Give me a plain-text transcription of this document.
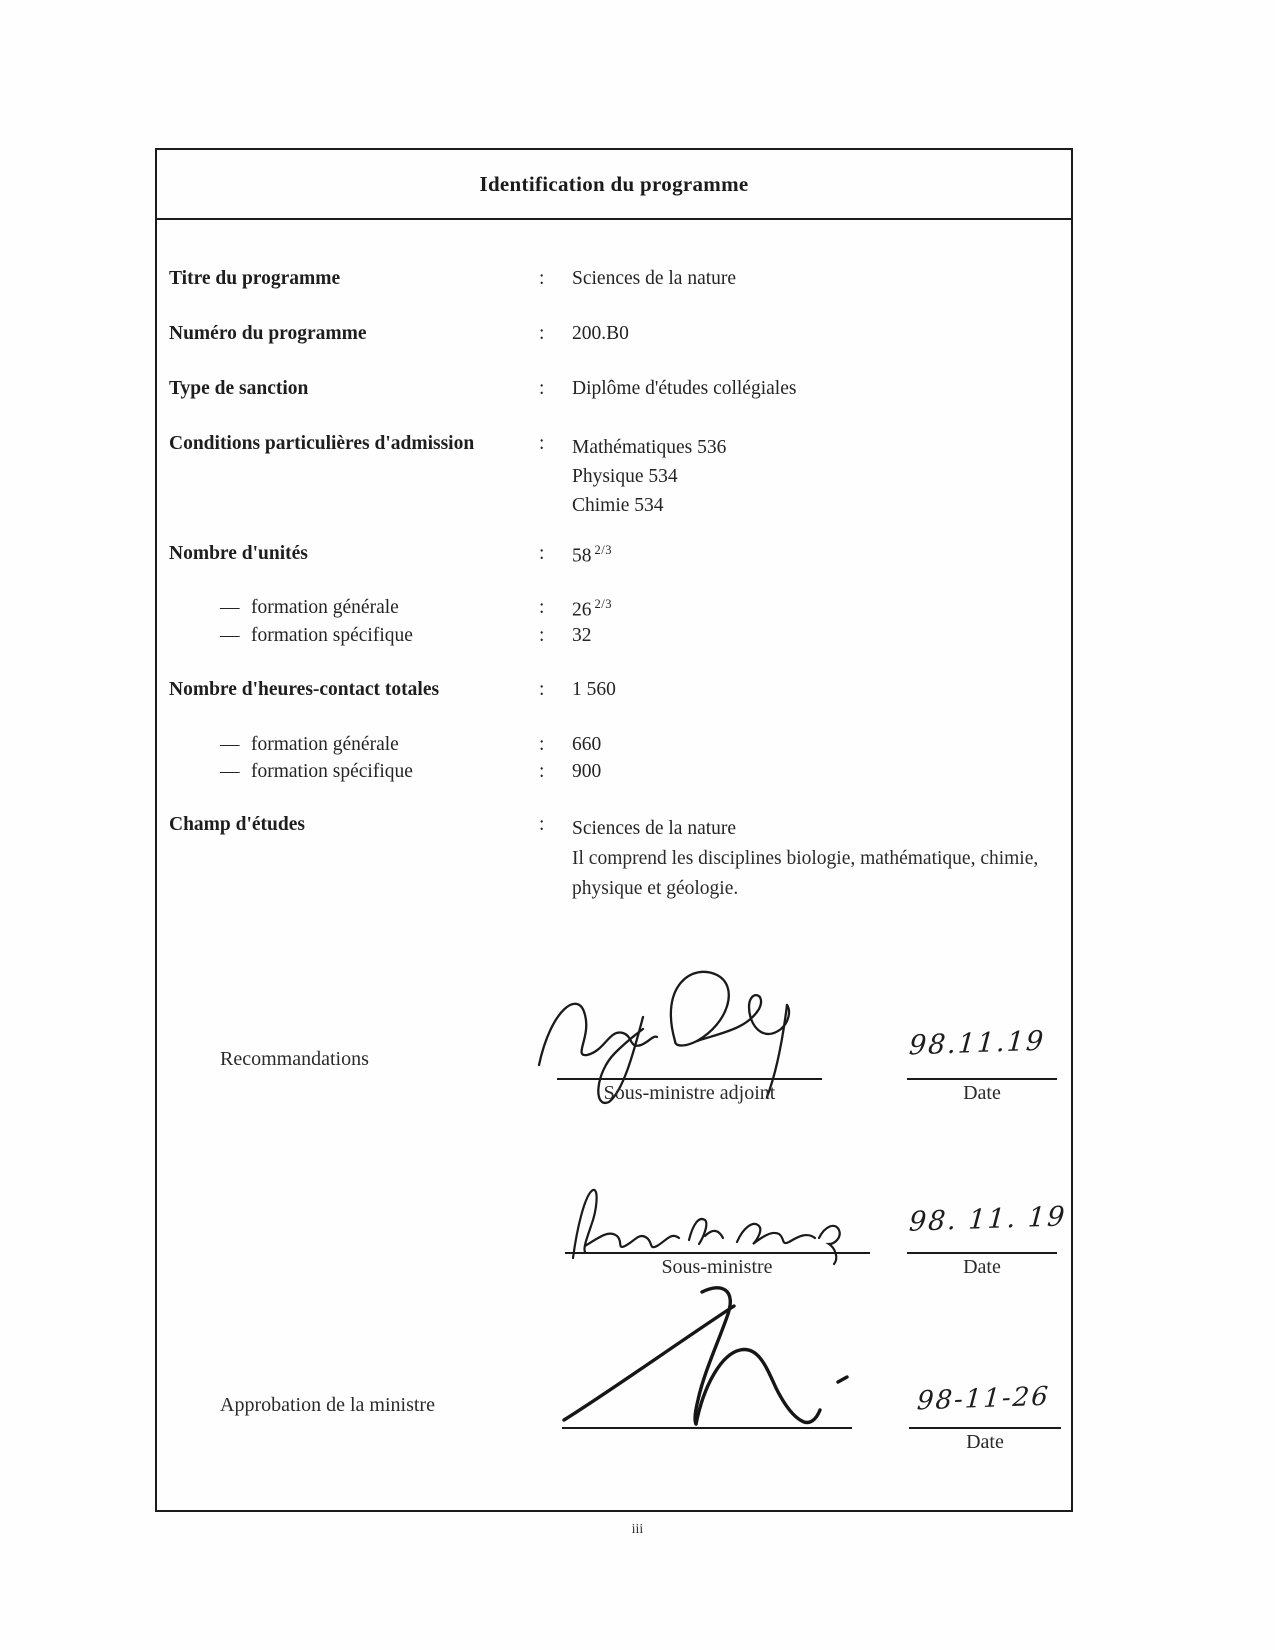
Identification du programme
Titre du programme	: Sciences de la nature
Numéro du programme	: 200.B0
Type de sanction	: Diplôme d'études collégiales
Conditions particulières d'admission	: Mathématiques 536
Physique 534
Chimie 534
Nombre d'unités	: 58 $^{2/3}$
— formation générale	: 26 $^{2/3}$
— formation spécifique	: 32
Nombre d'heures-contact totales	: 1 560
— formation générale	: 660
— formation spécifique	: 900
Champ d'études	: Sciences de la nature
Il comprend les disciplines biologie, mathématique, chimie, physique et géologie.
Recommandations
Sous-ministre adjoint
98.11.19
Date
Sous-ministre
98. 11. 19
Date
Approbation de la ministre	98-11-26
Date
iii
